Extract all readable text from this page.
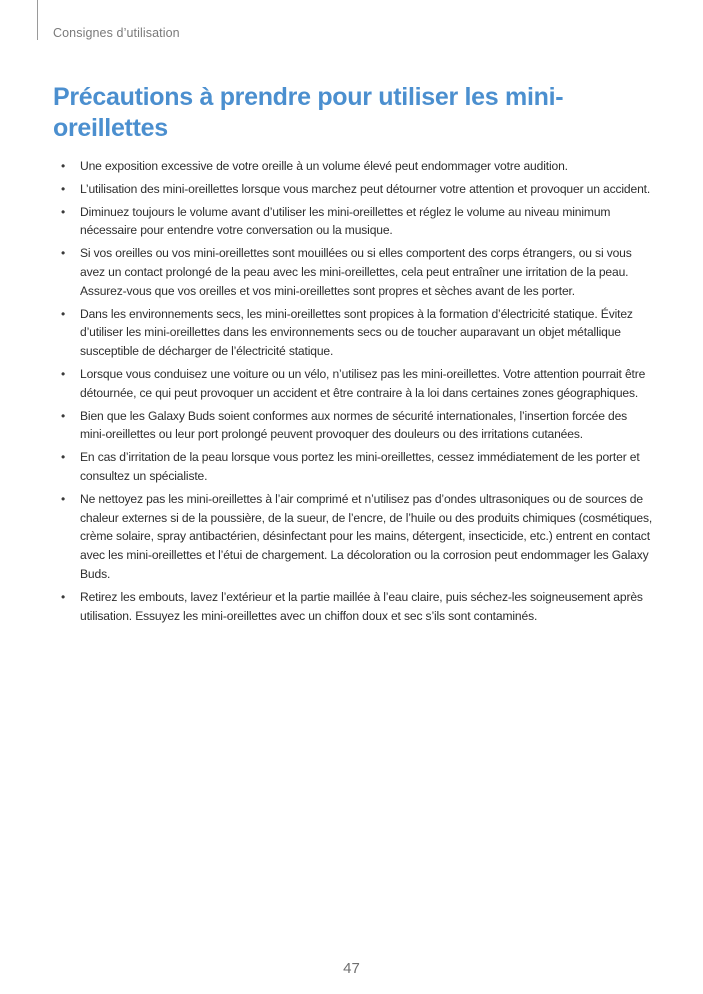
Consignes d’utilisation
Précautions à prendre pour utiliser les mini-oreillettes
• Une exposition excessive de votre oreille à un volume élevé peut endommager votre audition.
• L’utilisation des mini-oreillettes lorsque vous marchez peut détourner votre attention et provoquer un accident.
• Diminuez toujours le volume avant d’utiliser les mini-oreillettes et réglez le volume au niveau minimum nécessaire pour entendre votre conversation ou la musique.
• Si vos oreilles ou vos mini-oreillettes sont mouillées ou si elles comportent des corps étrangers, ou si vous avez un contact prolongé de la peau avec les mini-oreillettes, cela peut entraîner une irritation de la peau. Assurez-vous que vos oreilles et vos mini-oreillettes sont propres et sèches avant de les porter.
• Dans les environnements secs, les mini-oreillettes sont propices à la formation d’électricité statique. Évitez d’utiliser les mini-oreillettes dans les environnements secs ou de toucher auparavant un objet métallique susceptible de décharger de l’électricité statique.
• Lorsque vous conduisez une voiture ou un vélo, n’utilisez pas les mini-oreillettes. Votre attention pourrait être détournée, ce qui peut provoquer un accident et être contraire à la loi dans certaines zones géographiques.
• Bien que les Galaxy Buds soient conformes aux normes de sécurité internationales, l’insertion forcée des mini-oreillettes ou leur port prolongé peuvent provoquer des douleurs ou des irritations cutanées.
• En cas d’irritation de la peau lorsque vous portez les mini-oreillettes, cessez immédiatement de les porter et consultez un spécialiste.
• Ne nettoyez pas les mini-oreillettes à l’air comprimé et n’utilisez pas d’ondes ultrasoniques ou de sources de chaleur externes si de la poussière, de la sueur, de l’encre, de l’huile ou des produits chimiques (cosmétiques, crème solaire, spray antibactérien, désinfectant pour les mains, détergent, insecticide, etc.) entrent en contact avec les mini-oreillettes et l’étui de chargement. La décoloration ou la corrosion peut endommager les Galaxy Buds.
• Retirez les embouts, lavez l’extérieur et la partie maillée à l’eau claire, puis séchez-les soigneusement après utilisation. Essuyez les mini-oreillettes avec un chiffon doux et sec s’ils sont contaminés.
47
